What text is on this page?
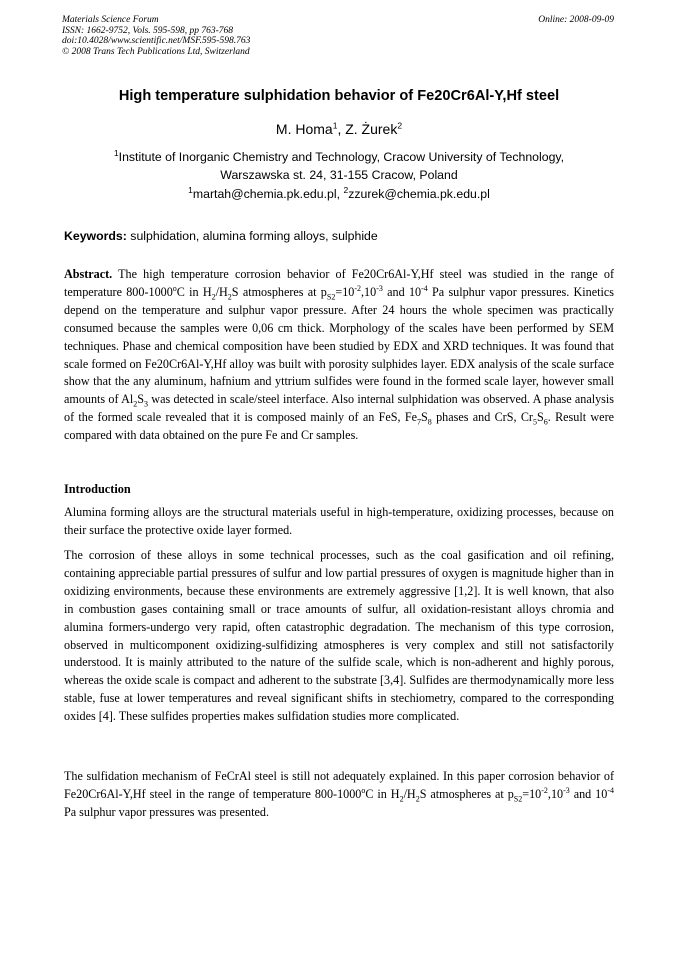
Materials Science Forum
ISSN: 1662-9752, Vols. 595-598, pp 763-768
doi:10.4028/www.scientific.net/MSF.595-598.763
© 2008 Trans Tech Publications Ltd, Switzerland
Online: 2008-09-09
High temperature sulphidation behavior of Fe20Cr6Al-Y,Hf steel
M. Homa$^1$, Z. Żurek$^2$
$^1$Institute of Inorganic Chemistry and Technology, Cracow University of Technology,
Warszawska st. 24, 31-155 Cracow, Poland
$^1$martah@chemia.pk.edu.pl, $^2$zzurek@chemia.pk.edu.pl
Keywords: sulphidation, alumina forming alloys, sulphide
Abstract. The high temperature corrosion behavior of Fe20Cr6Al-Y,Hf steel was studied in the range of temperature 800-1000$^o$C in $H_2/H_2S$ atmospheres at $p_{S2}=10^{-2},10^{-3}$ and $10^{-4}$ Pa sulphur vapor pressures. Kinetics depend on the temperature and sulphur vapor pressure. After 24 hours the whole specimen was practically consumed because the samples were 0,06 cm thick. Morphology of the scales have been performed by SEM techniques. Phase and chemical composition have been studied by EDX and XRD techniques. It was found that scale formed on Fe20Cr6Al-Y,Hf alloy was built with porosity sulphides layer. EDX analysis of the scale surface show that the any aluminum, hafnium and yttrium sulfides were found in the formed scale layer, however small amounts of $Al_2S_3$ was detected in scale/steel interface. Also internal sulphidation was observed. A phase analysis of the formed scale revealed that it is composed mainly of an FeS, $Fe_7S_8$ phases and CrS, $Cr_5S_6$. Result were compared with data obtained on the pure Fe and Cr samples.
Introduction
Alumina forming alloys are the structural materials useful in high-temperature, oxidizing processes, because on their surface the protective oxide layer formed.
The corrosion of these alloys in some technical processes, such as the coal gasification and oil refining, containing appreciable partial pressures of sulfur and low partial pressures of oxygen is magnitude higher than in oxidizing environments, because these environments are extremely aggressive [1,2]. It is well known, that also in combustion gases containing small or trace amounts of sulfur, all oxidation-resistant alloys chromia and alumina formers-undergo very rapid, often catastrophic degradation. The mechanism of this type corrosion, observed in multicomponent oxidizing-sulfidizing atmospheres is very complex and still not satisfactorily understood. It is mainly attributed to the nature of the sulfide scale, which is non-adherent and highly porous, whereas the oxide scale is compact and adherent to the substrate [3,4]. Sulfides are thermodynamically more less stable, fuse at lower temperatures and reveal significant shifts in stechiometry, compared to the corresponding oxides [4]. These sulfides properties makes sulfidation studies more complicated.
The sulfidation mechanism of FeCrAl steel is still not adequately explained. In this paper corrosion behavior of Fe20Cr6Al-Y,Hf steel in the range of temperature 800-1000$^o$C in $H_2/H_2S$ atmospheres at $p_{S2}=10^{-2},10^{-3}$ and $10^{-4}$ Pa sulphur vapor pressures was presented.
